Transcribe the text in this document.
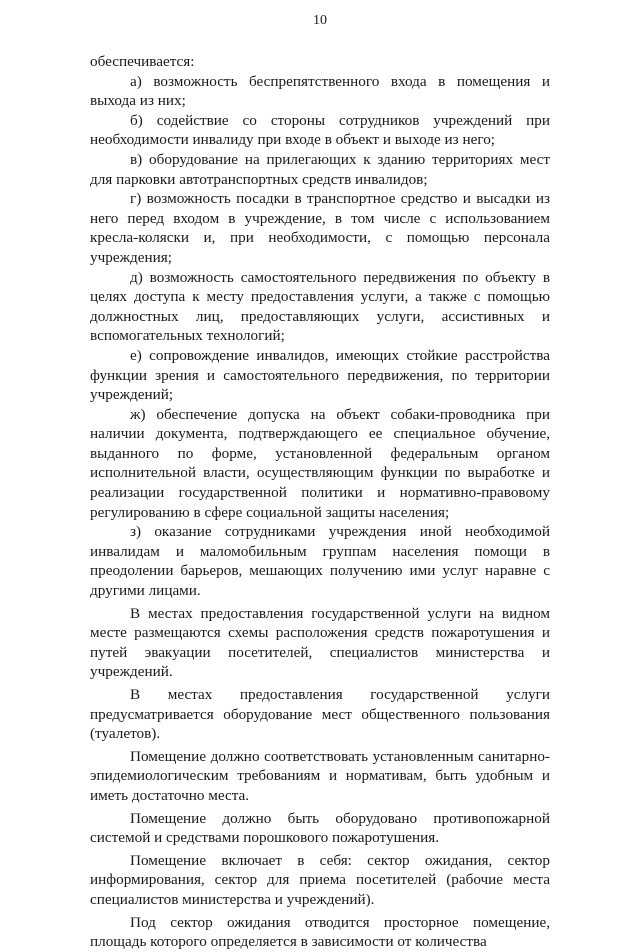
10

обеспечивается:

а) возможность беспрепятственного входа в помещения и выхода из них;

б) содействие со стороны сотрудников учреждений при необходимости инвалиду при входе в объект и выходе из него;

в) оборудование на прилегающих к зданию территориях мест для парковки автотранспортных средств инвалидов;

г) возможность посадки в транспортное средство и высадки из него перед входом в учреждение, в том числе с использованием кресла-коляски и, при необходимости, с помощью персонала учреждения;

д) возможность самостоятельного передвижения по объекту в целях доступа к месту предоставления услуги, а также с помощью должностных лиц, предоставляющих услуги, ассистивных и вспомогательных технологий;

е) сопровождение инвалидов, имеющих стойкие расстройства функции зрения и самостоятельного передвижения, по территории учреждений;

ж) обеспечение допуска на объект собаки-проводника при наличии документа, подтверждающего ее специальное обучение, выданного по форме, установленной федеральным органом исполнительной власти, осуществляющим функции по выработке и реализации государственной политики и нормативно-правовому регулированию в сфере социальной защиты населения;

з) оказание сотрудниками учреждения иной необходимой инвалидам и маломобильным группам населения помощи в преодолении барьеров, мешающих получению ими услуг наравне с другими лицами.

В местах предоставления государственной услуги на видном месте размещаются схемы расположения средств пожаротушения и путей эвакуации посетителей, специалистов министерства и учреждений.

В местах предоставления государственной услуги предусматривается оборудование мест общественного пользования (туалетов).

Помещение должно соответствовать установленным санитарно-эпидемиологическим требованиям и нормативам, быть удобным и иметь достаточно места.

Помещение должно быть оборудовано противопожарной системой и средствами порошкового пожаротушения.

Помещение включает в себя: сектор ожидания, сектор информирования, сектор для приема посетителей (рабочие места специалистов министерства и учреждений).

Под сектор ожидания отводится просторное помещение, площадь которого определяется в зависимости от количества
